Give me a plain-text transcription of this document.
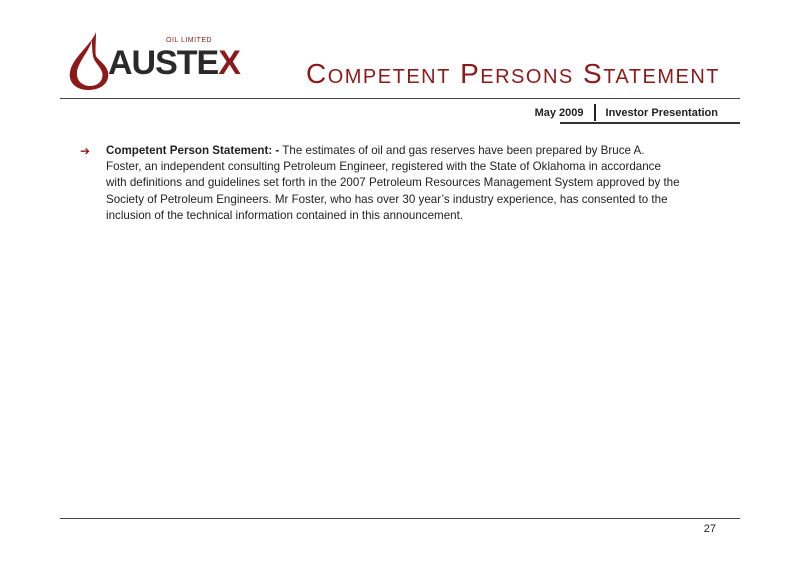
OIL LIMITED
AUSTEX Competent Persons Statement
May 2009 Investor Presentation
➔	Competent Person Statement: - The estimates of oil and gas reserves have been prepared by Bruce A. Foster, an independent consulting Petroleum Engineer, registered with the State of Oklahoma in accordance with definitions and guidelines set forth in the 2007 Petroleum Resources Management System approved by the Society of Petroleum Engineers. Mr Foster, who has over 30 year’s industry experience, has consented to the inclusion of the technical information contained in this announcement.
27
